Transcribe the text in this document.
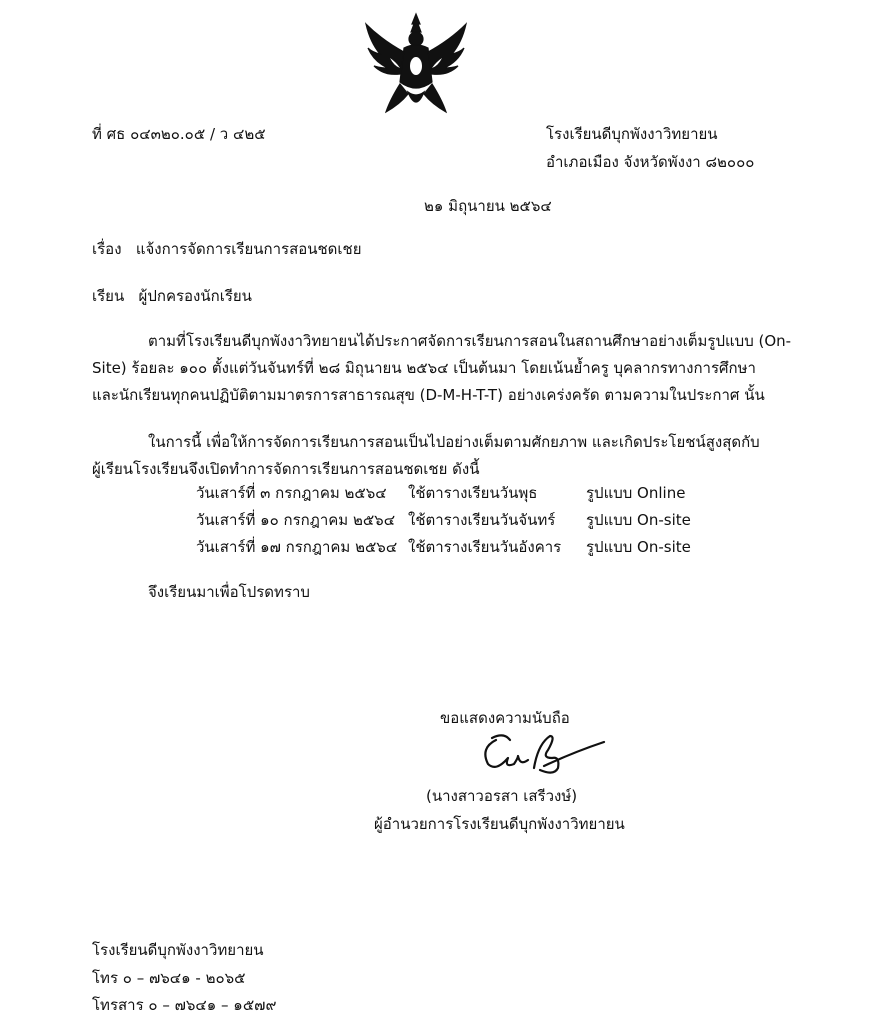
ที่ ศธ ๐๔๓๒๐.๐๕ / ว ๔๒๕	โรงเรียนดีบุกพังงาวิทยายน
อำเภอเมือง จังหวัดพังงา ๘๒๐๐๐
๒๑ มิถุนายน ๒๕๖๔
เรื่อง แจ้งการจัดการเรียนการสอนชดเชย
เรียน ผู้ปกครองนักเรียน
ตามที่โรงเรียนดีบุกพังงาวิทยายนได้ประกาศจัดการเรียนการสอนในสถานศึกษาอย่างเต็มรูปแบบ (On-
Site) ร้อยละ ๑๐๐ ตั้งแต่วันจันทร์ที่ ๒๘ มิถุนายน ๒๕๖๔ เป็นต้นมา โดยเน้นย้ำครู บุคลากรทางการศึกษา
และนักเรียนทุกคนปฏิบัติตามมาตรการสาธารณสุข (D-M-H-T-T) อย่างเคร่งครัด ตามความในประกาศ นั้น
ในการนี้ เพื่อให้การจัดการเรียนการสอนเป็นไปอย่างเต็มตามศักยภาพ และเกิดประโยชน์สูงสุดกับ
ผู้เรียนโรงเรียนจึงเปิดทำการจัดการเรียนการสอนชดเชย ดังนี้
วันเสาร์ที่ ๓ กรกฎาคม ๒๕๖๔ ใช้ตารางเรียนวันพุธ	รูปแบบ Online
วันเสาร์ที่ ๑๐ กรกฎาคม ๒๕๖๔ ใช้ตารางเรียนวันจันทร์ รูปแบบ On-site
วันเสาร์ที่ ๑๗ กรกฎาคม ๒๕๖๔ ใช้ตารางเรียนวันอังคาร รูปแบบ On-site
จึงเรียนมาเพื่อโปรดทราบ
ขอแสดงความนับถือ
(นางสาวอรสา เสรีวงษ์)
ผู้อำนวยการโรงเรียนดีบุกพังงาวิทยายน
โรงเรียนดีบุกพังงาวิทยายน
โทร ๐ – ๗๖๔๑ - ๒๐๖๕
โทรสาร ๐ – ๗๖๔๑ – ๑๕๗๙
